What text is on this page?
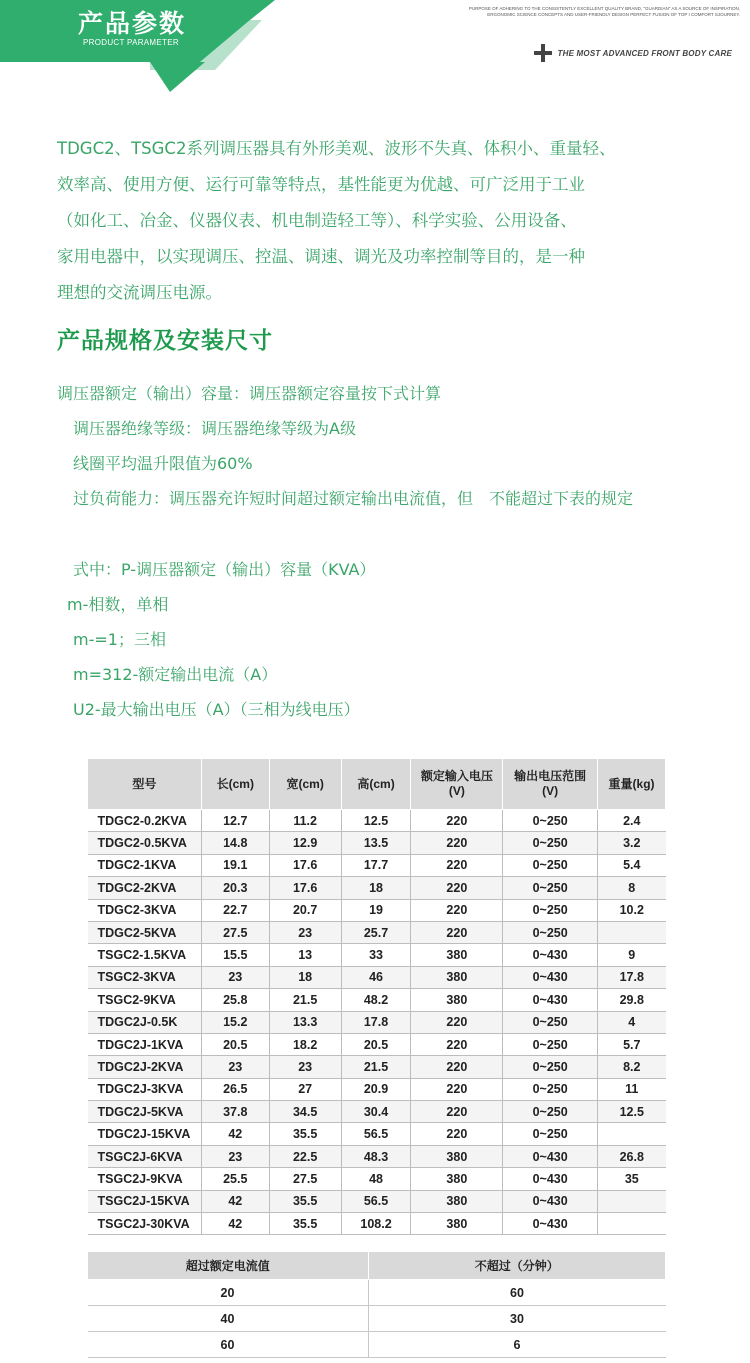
产品参数
PRODUCT PARAMETER
PURPOSE OF ADHERING TO THE CONSISTENTLY EXCELLENT QUALITY BRAND, "GUARDIAN" AS A SOURCE OF INSPIRATION,
ERGONOMIC SCIENCE CONCEPTS AND USER-FRIENDLY DESIGN PERFECT FUSION OF TOP I COMFORT SJOURNEY.
THE MOST ADVANCED FRONT BODY CARE
TDGC2、TSGC2系列调压器具有外形美观、波形不失真、体积小、重量轻、
效率高、使用方便、运行可靠等特点，基性能更为优越、可广泛用于工业
（如化工、冶金、仪器仪表、机电制造轻工等）、科学实验、公用设备、
家用电器中，以实现调压、控温、调速、调光及功率控制等目的，是一种
理想的交流调压电源。
产品规格及安装尺寸
调压器额定（输出）容量：调压器额定容量按下式计算
调压器绝缘等级：调压器绝缘等级为A级
线圈平均温升限值为60%
过负荷能力：调压器充许短时间超过额定输出电流值，但　不能超过下表的规定
式中：P-调压器额定（输出）容量（KVA）
m-相数，单相
m-=1；三相
m=312-额定输出电流（A）
U2-最大输出电压（A）（三相为线电压）
型号	长(cm)	宽(cm)	高(cm)	额定输入电压
(V)	输出电压范围
(V)	重量(kg)
TDGC2-0.2KVA	12.7	11.2	12.5	220	0~250	2.4
TDGC2-0.5KVA	14.8	12.9	13.5	220	0~250	3.2
TDGC2-1KVA	19.1	17.6	17.7	220	0~250	5.4
TDGC2-2KVA	20.3	17.6	18	220	0~250	8
TDGC2-3KVA	22.7	20.7	19	220	0~250	10.2
TDGC2-5KVA	27.5	23	25.7	220	0~250	
TSGC2-1.5KVA	15.5	13	33	380	0~430	9
TSGC2-3KVA	23	18	46	380	0~430	17.8
TSGC2-9KVA	25.8	21.5	48.2	380	0~430	29.8
TDGC2J-0.5K	15.2	13.3	17.8	220	0~250	4
TDGC2J-1KVA	20.5	18.2	20.5	220	0~250	5.7
TDGC2J-2KVA	23	23	21.5	220	0~250	8.2
TDGC2J-3KVA	26.5	27	20.9	220	0~250	11
TDGC2J-5KVA	37.8	34.5	30.4	220	0~250	12.5
TDGC2J-15KVA	42	35.5	56.5	220	0~250	
TSGC2J-6KVA	23	22.5	48.3	380	0~430	26.8
TSGC2J-9KVA	25.5	27.5	48	380	0~430	35
TSGC2J-15KVA	42	35.5	56.5	380	0~430	
TSGC2J-30KVA	42	35.5	108.2	380	0~430	
超过额定电流值	不超过（分钟）
20	60
40	30
60	6
